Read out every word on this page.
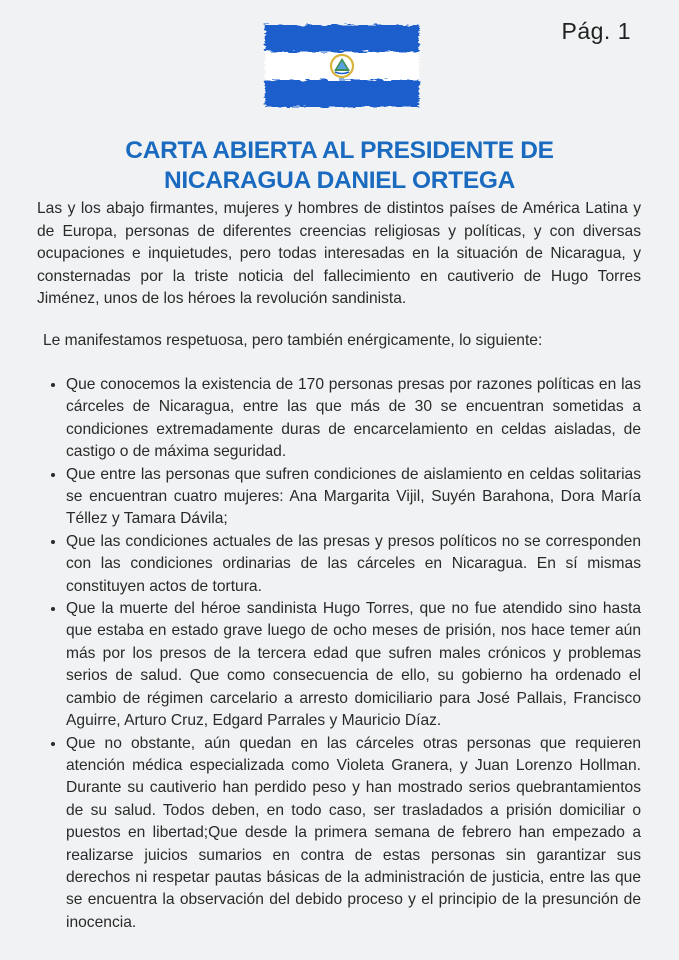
Pág. 1
CARTA ABIERTA AL PRESIDENTE DE
NICARAGUA DANIEL ORTEGA

Las y los abajo firmantes, mujeres y hombres de distintos países de América Latina y de Europa, personas de diferentes creencias religiosas y políticas, y con diversas ocupaciones e inquietudes, pero todas interesadas en la situación de Nicaragua, y consternadas por la triste noticia del fallecimiento en cautiverio de Hugo Torres Jiménez, unos de los héroes la revolución sandinista.

Le manifestamos respetuosa, pero también enérgicamente, lo siguiente:

• Que conocemos la existencia de 170 personas presas por razones políticas en las cárceles de Nicaragua, entre las que más de 30 se encuentran sometidas a condiciones extremadamente duras de encarcelamiento en celdas aisladas, de castigo o de máxima seguridad.
• Que entre las personas que sufren condiciones de aislamiento en celdas solitarias se encuentran cuatro mujeres: Ana Margarita Vijil, Suyén Barahona, Dora María Téllez y Tamara Dávila;
• Que las condiciones actuales de las presas y presos políticos no se corresponden con las condiciones ordinarias de las cárceles en Nicaragua. En sí mismas constituyen actos de tortura.
• Que la muerte del héroe sandinista Hugo Torres, que no fue atendido sino hasta que estaba en estado grave luego de ocho meses de prisión, nos hace temer aún más por los presos de la tercera edad que sufren males crónicos y problemas serios de salud. Que como consecuencia de ello, su gobierno ha ordenado el cambio de régimen carcelario a arresto domiciliario para José Pallais, Francisco Aguirre, Arturo Cruz, Edgard Parrales y Mauricio Díaz.
• Que no obstante, aún quedan en las cárceles otras personas que requieren atención médica especializada como Violeta Granera, y Juan Lorenzo Hollman. Durante su cautiverio han perdido peso y han mostrado serios quebrantamientos de su salud. Todos deben, en todo caso, ser trasladados a prisión domiciliar o puestos en libertad;Que desde la primera semana de febrero han empezado a realizarse juicios sumarios en contra de estas personas sin garantizar sus derechos ni respetar pautas básicas de la administración de justicia, entre las que se encuentra la observación del debido proceso y el principio de la presunción de inocencia.
